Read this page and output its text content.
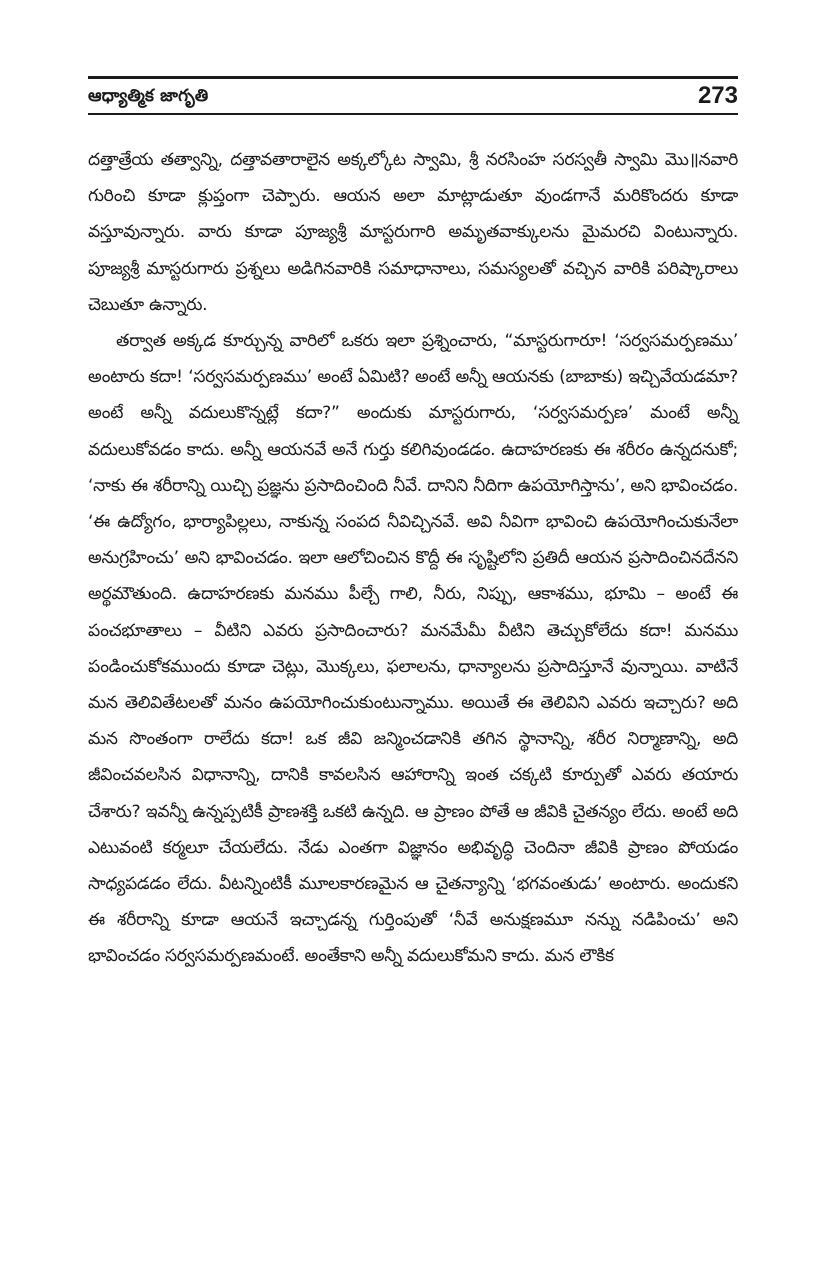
ఆధ్యాత్మిక జాగృతి	273

దత్తాత్రేయ తత్వాన్ని, దత్తావతారాలైన అక్కల్కోట స్వామి, శ్రీ నరసింహ సరస్వతీ స్వామి మొ॥నవారి గురించి కూడా క్లుప్తంగా చెప్పారు. ఆయన అలా మాట్లాడుతూ వుండగానే మరికొందరు కూడా వస్తూవున్నారు. వారు కూడా పూజ్యశ్రీ మాస్టరుగారి అమృతవాక్కులను మైమరచి వింటున్నారు. పూజ్యశ్రీ మాస్టరుగారు ప్రశ్నలు అడిగినవారికి సమాధానాలు, సమస్యలతో వచ్చిన వారికి పరిష్కారాలు చెబుతూ ఉన్నారు.

తర్వాత అక్కడ కూర్చున్న వారిలో ఒకరు ఇలా ప్రశ్నించారు, “మాస్టరుగారూ! ‘సర్వసమర్పణము’ అంటారు కదా! ‘సర్వసమర్పణము’ అంటే ఏమిటి? అంటే అన్నీ ఆయనకు (బాబాకు) ఇచ్చివేయడమా? అంటే అన్నీ వదులుకొన్నట్లే కదా?” అందుకు మాస్టరుగారు, ‘సర్వసమర్పణ’ మంటే అన్నీ వదులుకోవడం కాదు. అన్నీ ఆయనవే అనే గుర్తు కలిగివుండడం. ఉదాహరణకు ఈ శరీరం ఉన్నదనుకో; ‘నాకు ఈ శరీరాన్ని యిచ్చి ప్రజ్ఞను ప్రసాదించింది నీవే. దానిని నీదిగా ఉపయోగిస్తాను’, అని భావించడం. ‘ఈ ఉద్యోగం, భార్యాపిల్లలు, నాకున్న సంపద నీవిచ్చినవే. అవి నీవిగా భావించి ఉపయోగించుకునేలా అనుగ్రహించు’ అని భావించడం. ఇలా ఆలోచించిన కొద్దీ ఈ సృష్టిలోని ప్రతిదీ ఆయన ప్రసాదించినదేనని అర్థమౌతుంది. ఉదాహరణకు మనము పీల్చే గాలి, నీరు, నిప్పు, ఆకాశము, భూమి – అంటే ఈ పంచభూతాలు – వీటిని ఎవరు ప్రసాదించారు? మనమేమీ వీటిని తెచ్చుకోలేదు కదా! మనము పండించుకోకముందు కూడా చెట్లు, మొక్కలు, ఫలాలను, ధాన్యాలను ప్రసాదిస్తూనే వున్నాయి. వాటినే మన తెలివితేటలతో మనం ఉపయోగించుకుంటున్నాము. అయితే ఈ తెలివిని ఎవరు ఇచ్చారు? అది మన సొంతంగా రాలేదు కదా! ఒక జీవి జన్మించడానికి తగిన స్థానాన్ని, శరీర నిర్మాణాన్ని, అది జీవించవలసిన విధానాన్ని, దానికి కావలసిన ఆహారాన్ని ఇంత చక్కటి కూర్పుతో ఎవరు తయారు చేశారు? ఇవన్నీ ఉన్నప్పటికీ ప్రాణశక్తి ఒకటి ఉన్నది. ఆ ప్రాణం పోతే ఆ జీవికి చైతన్యం లేదు. అంటే అది ఎటువంటి కర్మలూ చేయలేదు. నేడు ఎంతగా విజ్ఞానం అభివృద్ధి చెందినా జీవికి ప్రాణం పోయడం సాధ్యపడడం లేదు. వీటన్నింటికీ మూలకారణమైన ఆ చైతన్యాన్ని ‘భగవంతుడు’ అంటారు. అందుకని ఈ శరీరాన్ని కూడా ఆయనే ఇచ్చాడన్న గుర్తింపుతో ‘నీవే అనుక్షణమూ నన్ను నడిపించు’ అని భావించడం సర్వసమర్పణమంటే. అంతేకాని అన్నీ వదులుకోమని కాదు. మన లౌకిక
